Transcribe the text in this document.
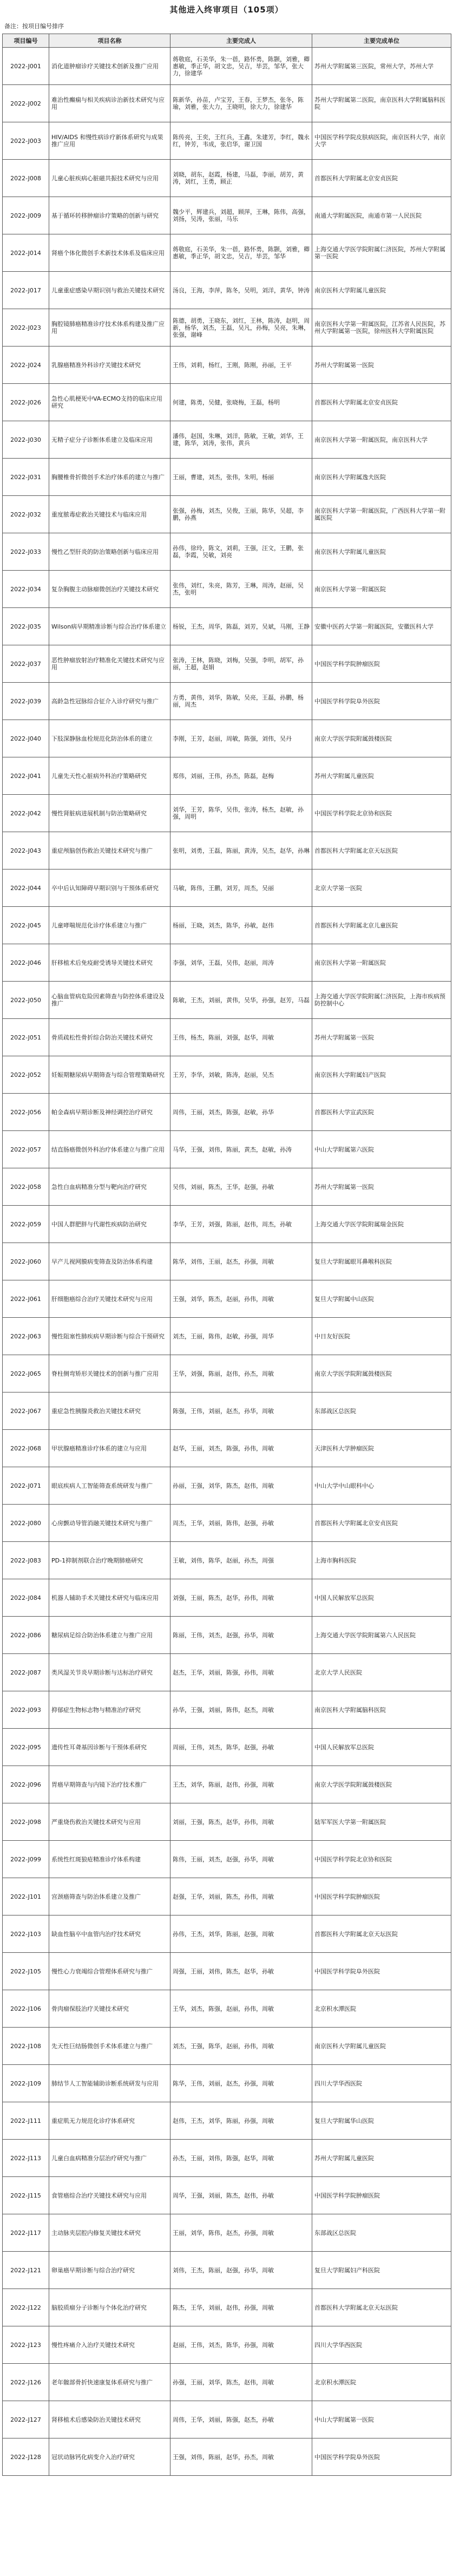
其他进入终审项目（105项）
备注：按项目编号排序
项目编号	项目名称	主要完成人	主要完成单位
2022-J001	消化道肿瘤诊疗关键技术创新及推广应用	蒋敬庭，石美华，朱一蓓，路怀勇，陈颢，刘雅，卿惠敏，季正华，胡文忠，吴吉，毕芸，邹华，张大力，徐建华	苏州大学附属第三医院，常州大学，苏州大学
2022-J002	难治性癫痫与相关疾病诊治新技术研究与应用	陈新华，孙苗，卢宝芳，王春，王梦杰，张冬，陈瑜，刘雅，张大力，王晓明，徐大力，徐建华	苏州大学附属第二医院，南京医科大学附属脑科医院
2022-J003	HIV/AIDS 和慢性病诊疗新体系研究与成果推广应用	陈传亮，王奕，王红兵，王鑫，朱建芳，李红，魏永红，钟芳，韦成，张启华，谢卫国	中国医学科学院皮肤病医院，南京医科大学，南京大学
2022-J008	儿童心脏疾病心脏磁共振技术研究与应用	刘晓，胡东，赵霞，杨建，马磊，李丽，胡芳，黄涛，刘红，王勇，顾正	首都医科大学附属北京安贞医院
2022-J009	基于循环转移肿瘤诊疗策略的创新与研究	魏少平，辉建兵，刘超，顾萍，王琳，陈伟，高强，刘扬，吴涛，张丽，马乐	南通大学附属医院，南通市第一人民医院
2022-J014	肾癌个体化微创手术新技术体系及临床应用	蒋敬庭，石美华，朱一蓓，路怀勇，陈颢，刘雅，卿惠敏，季正华，胡文忠，吴吉，毕芸，邹华	上海交通大学医学院附属仁济医院，苏州大学附属第一医院
2022-J017	儿童重症感染早期识别与救治关键技术研究	汤良，王海，李萍，陈冬，吴明，刘洋，黄华，钟涛	南京医科大学附属儿童医院
2022-J023	胸腔镜肺癌精准诊疗技术体系构建及推广应用	陈德，胡勇，王晓东，刘红，王林，陈涛，赵明，周新，杨华，刘杰，王磊，吴凡，孙梅，吴亮，朱琳，张强，谢峰	南京医科大学第一附属医院，江苏省人民医院，苏州大学附属第一医院，徐州医科大学附属医院
2022-J024	乳腺癌精准外科诊疗关键技术研究	王伟，刘莉，杨红，王刚，陈刚，孙丽，王平	苏州大学附属第一医院
2022-J026	急性心肌梗死中VA-ECMO支持的临床应用研究	何建，陈勇，吴健，张晓梅，王磊，杨明	首都医科大学附属北京安贞医院
2022-J030	无精子症分子诊断体系建立及临床应用	潘伟，赵国，朱琳，刘洋，陈敏，王敏，刘华，王建，陈华，刘涛，张伟，黄兵	南京医科大学第一附属医院，南京医科大学
2022-J031	胸腰椎骨折微创手术治疗体系的建立与推广	王丽，曹建，刘杰，张伟，朱明，杨丽	南京医科大学附属逸夫医院
2022-J032	重度脓毒症救治关键技术与临床应用	张强，孙梅，刘杰，吴俊，王丽，陈华，吴超，李鹏，孙燕	南京医科大学第一附属医院，广西医科大学第一附属医院
2022-J033	慢性乙型肝炎的防治策略创新与临床应用	孙伟，徐玲，陈文，刘莉，王强，汪文，王鹏，张磊，李霞，吴敏，刘亮	南京医科大学附属儿童医院
2022-J034	复杂胸腹主动脉瘤微创治疗关键技术研究	张伟，刘红，朱亮，陈芳，王琳，周涛，赵丽，吴杰，张明	南京医科大学第一附属医院
2022-J035	Wilson病早期精准诊断与综合治疗体系建立	杨锐，王杰，周华，陈磊，刘芳，吴斌，马刚，王静	安徽中医药大学第一附属医院，安徽医科大学
2022-J037	恶性肿瘤放射治疗精准化关键技术研究与应用	张涛，王林，陈晓，刘梅，吴强，李明，胡军，孙丽，王超，赵娟	中国医学科学院肿瘤医院
2022-J039	高龄急性冠脉综合征介入诊疗研究与推广	方勇，黄伟，刘华，陈敏，吴亮，王磊，孙鹏，杨丽，周杰	中国医学科学院阜外医院
2022-J040	下肢深静脉血栓规范化防治体系的建立	李刚，王芳，赵丽，周敏，陈强，刘伟，吴丹	南京大学医学院附属鼓楼医院
2022-J041	儿童先天性心脏病外科治疗策略研究	郑伟，刘丽，王伟，孙杰，陈磊，赵梅	苏州大学附属儿童医院
2022-J042	慢性肾脏病进展机制与防治策略研究	刘华，王芳，陈华，吴伟，张涛，杨杰，赵敏，孙强，周明	中国医学科学院北京协和医院
2022-J043	重症颅脑创伤救治关键技术研究与推广	张明，刘勇，王磊，陈丽，黄涛，吴杰，赵华，孙琳	首都医科大学附属北京天坛医院
2022-J044	卒中后认知障碍早期识别与干预体系研究	马敏，陈伟，王鹏，刘芳，周杰，吴丽	北京大学第一医院
2022-J045	儿童哮喘规范化诊疗体系建立与推广	杨丽，王晓，刘杰，陈华，孙敏，赵伟	首都医科大学附属北京儿童医院
2022-J046	肝移植术后免疫耐受诱导关键技术研究	李强，刘华，王磊，吴伟，赵丽，周涛	南京医科大学第一附属医院
2022-J050	心脑血管病危险因素筛查与防控体系建设及推广	陈敏，王杰，刘丽，黄伟，吴华，孙强，赵芳，马磊	上海交通大学医学院附属仁济医院，上海市疾病预防控制中心
2022-J051	骨质疏松性骨折综合防治关键技术研究	王伟，杨杰，陈丽，刘强，赵华，周敏	苏州大学附属第一医院
2022-J052	妊娠期糖尿病早期筛查与综合管理策略研究	王芳，李华，刘敏，陈涛，赵丽，吴杰	南京医科大学附属妇产医院
2022-J056	帕金森病早期诊断及神经调控治疗研究	周伟，王丽，刘杰，陈强，赵敏，孙华	首都医科大学宣武医院
2022-J057	结直肠癌微创外科治疗体系建立与推广应用	马华，王强，刘伟，陈丽，黄杰，赵敏，孙涛	中山大学附属第六医院
2022-J058	急性白血病精准分型与靶向治疗研究	吴伟，刘丽，陈杰，王华，赵强，孙敏	苏州大学附属第一医院
2022-J059	中国人群肥胖与代谢性疾病防治研究	李华，王芳，刘强，陈丽，赵伟，周杰，孙敏	上海交通大学医学院附属瑞金医院
2022-J060	早产儿视网膜病变筛查及防治体系构建	陈华，刘伟，王丽，赵杰，孙强，周敏	复旦大学附属眼耳鼻喉科医院
2022-J061	肝细胞癌综合治疗关键技术研究与应用	王强，刘华，陈杰，赵丽，孙伟，周敏	复旦大学附属中山医院
2022-J063	慢性阻塞性肺疾病早期诊断与综合干预研究	刘杰，王丽，陈伟，赵敏，孙强，周华	中日友好医院
2022-J065	脊柱侧弯矫形关键技术的创新与推广应用	王华，刘强，陈丽，赵伟，孙杰，周敏	南京大学医学院附属鼓楼医院
2022-J067	重症急性胰腺炎救治关键技术研究	陈强，王伟，刘丽，赵杰，孙华，周敏	东部战区总医院
2022-J068	甲状腺癌精准诊疗体系的建立与应用	赵华，王丽，刘杰，陈强，孙伟，周敏	天津医科大学肿瘤医院
2022-J071	眼底疾病人工智能筛查系统研发与推广	孙丽，王强，刘华，陈杰，赵伟，周敏	中山大学中山眼科中心
2022-J080	心房颤动导管消融关键技术研究与推广	周杰，王华，刘丽，陈伟，赵强，孙敏	首都医科大学附属北京安贞医院
2022-J083	PD-1抑制剂联合治疗晚期肺癌研究	王敏，刘伟，陈华，赵丽，孙杰，周强	上海市胸科医院
2022-J084	机器人辅助手术关键技术研究与临床应用	刘强，王丽，陈杰，赵华，孙伟，周敏	中国人民解放军总医院
2022-J086	糖尿病足综合防治体系建立与推广应用	陈丽，王伟，刘杰，赵强，孙华，周敏	上海交通大学医学院附属第六人民医院
2022-J087	类风湿关节炎早期诊断与达标治疗研究	赵杰，王华，刘丽，陈强，孙伟，周敏	北京大学人民医院
2022-J093	抑郁症生物标志物与精准治疗研究	孙华，王强，刘丽，陈伟，赵杰，周敏	南京医科大学附属脑科医院
2022-J095	遗传性耳聋基因诊断与干预体系研究	周丽，王伟，刘杰，陈华，赵强，孙敏	中国人民解放军总医院
2022-J096	胃癌早期筛查与内镜下治疗技术推广	王杰，刘华，陈丽，赵伟，孙强，周敏	南京大学医学院附属鼓楼医院
2022-J098	严重烧伤救治关键技术研究与应用	刘丽，王强，陈杰，赵华，孙伟，周敏	陆军军医大学第一附属医院
2022-J099	系统性红斑狼疮精准诊疗体系构建	陈伟，王丽，刘杰，赵强，孙华，周敏	中国医学科学院北京协和医院
2022-J101	宫颈癌筛查与防治体系建立及推广	赵强，王华，刘丽，陈杰，孙伟，周敏	中国医学科学院肿瘤医院
2022-J103	缺血性脑卒中血管内治疗技术研究	孙伟，王杰，刘华，陈丽，赵强，周敏	首都医科大学附属北京天坛医院
2022-J105	慢性心力衰竭综合管理体系研究与推广	周强，王丽，刘伟，陈杰，赵华，孙敏	中国医学科学院阜外医院
2022-J106	骨肉瘤保肢治疗关键技术研究	王华，刘杰，陈强，赵丽，孙伟，周敏	北京积水潭医院
2022-J108	先天性巨结肠微创手术体系建立与推广	刘杰，王强，陈华，赵丽，孙伟，周敏	南京医科大学附属儿童医院
2022-J109	肺结节人工智能辅助诊断系统研发与应用	陈华，王伟，刘丽，赵杰，孙强，周敏	四川大学华西医院
2022-J111	重症肌无力规范化诊疗体系研究	赵伟，王杰，刘华，陈丽，孙强，周敏	复旦大学附属华山医院
2022-J113	儿童白血病精准分层治疗研究与推广	孙杰，王丽，刘伟，陈强，赵华，周敏	苏州大学附属儿童医院
2022-J115	食管癌综合治疗关键技术研究与应用	周华，王强，刘丽，陈杰，赵伟，孙敏	中国医学科学院肿瘤医院
2022-J117	主动脉夹层腔内修复关键技术研究	王丽，刘华，陈伟，赵杰，孙强，周敏	东部战区总医院
2022-J121	卵巢癌早期诊断与综合治疗研究	刘伟，王杰，陈丽，赵强，孙华，周敏	复旦大学附属妇产科医院
2022-J122	脑胶质瘤分子诊断与个体化治疗研究	陈杰，王华，刘丽，赵伟，孙强，周敏	首都医科大学附属北京天坛医院
2022-J123	慢性疼痛介入治疗关键技术研究	赵丽，王伟，刘杰，陈华，孙强，周敏	四川大学华西医院
2022-J126	老年髋部骨折快速康复体系研究与推广	孙强，王丽，刘华，陈杰，赵伟，周敏	北京积水潭医院
2022-J127	肾移植术后感染防治关键技术研究	周伟，王华，刘丽，陈强，赵杰，孙敏	中山大学附属第一医院
2022-J128	冠状动脉钙化病变介入治疗研究	王强，刘伟，陈丽，赵华，孙杰，周敏	中国医学科学院阜外医院
